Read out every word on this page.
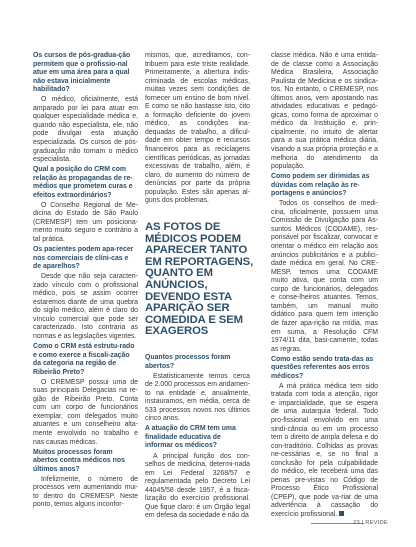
Os cursos de pós-gradua-ção permitem que o profissio-nal atue em uma área para a qual não estava inicialmente habilitado?

O médico, oficialmente, está amparado por lei para atuar em qualquer especialidade médica e, quando não especialista, ele, não pode divulgar esta atuação especializada. Os cursos de pós-graduação não tornam o médico especialista.

Qual a posição do CRM com relação às propagandas de re-médios que prometem curas e efeitos extraordinários?

O Conselho Regional de Me-dicina do Estado de São Paulo (CREMESP) tem um posiciona-mento muito seguro e contrário a tal prática.

Os pacientes podem apa-recer nos comerciais de clíni-cas e de aparelhos?

Desde que não seja caracteri-zado vínculo com o profissional médico, pois se assim ocorrer estaremos diante de uma quebra do sigilo médico, além é claro do vínculo comercial que pode ser caracterizado. Isto contraria as normas e as legislações vigentes.

Como o CRM está estrutu-rado e como exerce a fiscali-zação da categoria na região de Ribeirão Preto?

O CREMESP possui uma de suas principais Delegacias na re-gião de Ribeirão Preto. Conta com um corpo de funcionários exemplar, com delegados muito atuantes e um conselheiro alta-mente envolvido no trabalho e nas causas médicas.

Muitos processos foram abertos contra médicos nos últimos anos?

Infelizmente, o número de processos vem aumentando mui-to dentro do CREMESP. Neste ponto, temos alguns inconfor-

mismos, que, acreditamos, con-tribuem para este triste realidade. Primeiramente, a abertura indis-criminada de escolas médicas, muitas vezes sem condições de fornecer um ensino de bom nível. E como se não bastasse isto, cito a formação deficiente do jovem médico, as condições ina-dequadas de trabalho, a dificul-dade em obter tempo e recursos financeiros para as reciclagens científicas periódicas, as jornadas excessivas de trabalho, além, é claro, do aumento do número de denúncias por parte da própria população. Estes são apenas al-guns dos problemas.

AS FOTOS DE MÉDICOS PODEM APARECER TANTO EM REPORTAGENS, QUANTO EM ANÚNCIOS, DEVENDO ESTA APARIÇÃO SER COMEDIDA E SEM EXAGEROS

Quantos processos foram abertos?

Estatisticamente temos cerca de 2.000 processos em andamen-to na entidade e, anualmente, instauramos, em média, cerca de 533 processos novos nos últimos cinco anos.

A atuação do CRM tem uma finalidade educativa de informar os médicos?

A principal função dos con-selhos de medicina, determi-nada em Lei Federal 3268/57 e regulamentada pelo Decreto Lei 44045/58 desde 1957, é a fisca-lização do exercício profissional. Que fique claro: é um Órgão legal em defesa da sociedade e não da

classe médica. Não é uma entida-de de classe como a Associação Médica Brasileira, Associação Paulista de Medicina e os sindica-tos. No entanto, o CREMESP, nos últimos anos, vem apostando nas atividades educativas e pedagó-gicas, como forma de aproximar o médico da Instituição e, prin-cipalmente, no intuito de alertar para a sua prática médica diária, visando a sua própria proteção e a melhoria do atendimento da população.

Como podem ser dirimidas as dúvidas com relação às re-portagens e anúncios?

Todos os conselhos de medi-cina, oficialmente, possuem uma Comissão de Divulgação para As-suntos Médicos (CODAME), res-ponsável por fiscalizar, convocar e orientar o médico em relação aos anúncios publicitários e a publici-dade médica em geral. No CRE-MESP, temos uma CODAME muito ativa, que conta com um corpo de funcionários, delegados e conse-lheiros atuantes. Temos, também, um manual muito didático para quem tem intenção de fazer apa-rição na mídia, mas em suma, a Resolução CFM 1974/11 dita, basi-camente, todas as regras.

Como estão sendo trata-das as questões referentes aos erros médicos?

A má prática médica tem sido tratada com toda a atenção, rigor e imparcialidade, que se espera de uma autarquia federal. Todo pro-fissional envolvido em uma sindi-cância ou em um processo tem o direito de ampla defesa e do con-traditório. Colhidas as provas ne-cessárias e, se no final a conclusão for pela culpabilidade do médico, ele receberá uma das penas pre-vistas no Código de Processo Ético Profissional (CPEP), que pode va-riar de uma advertência à cassação do exercício profissional.

23 | REVIDE
